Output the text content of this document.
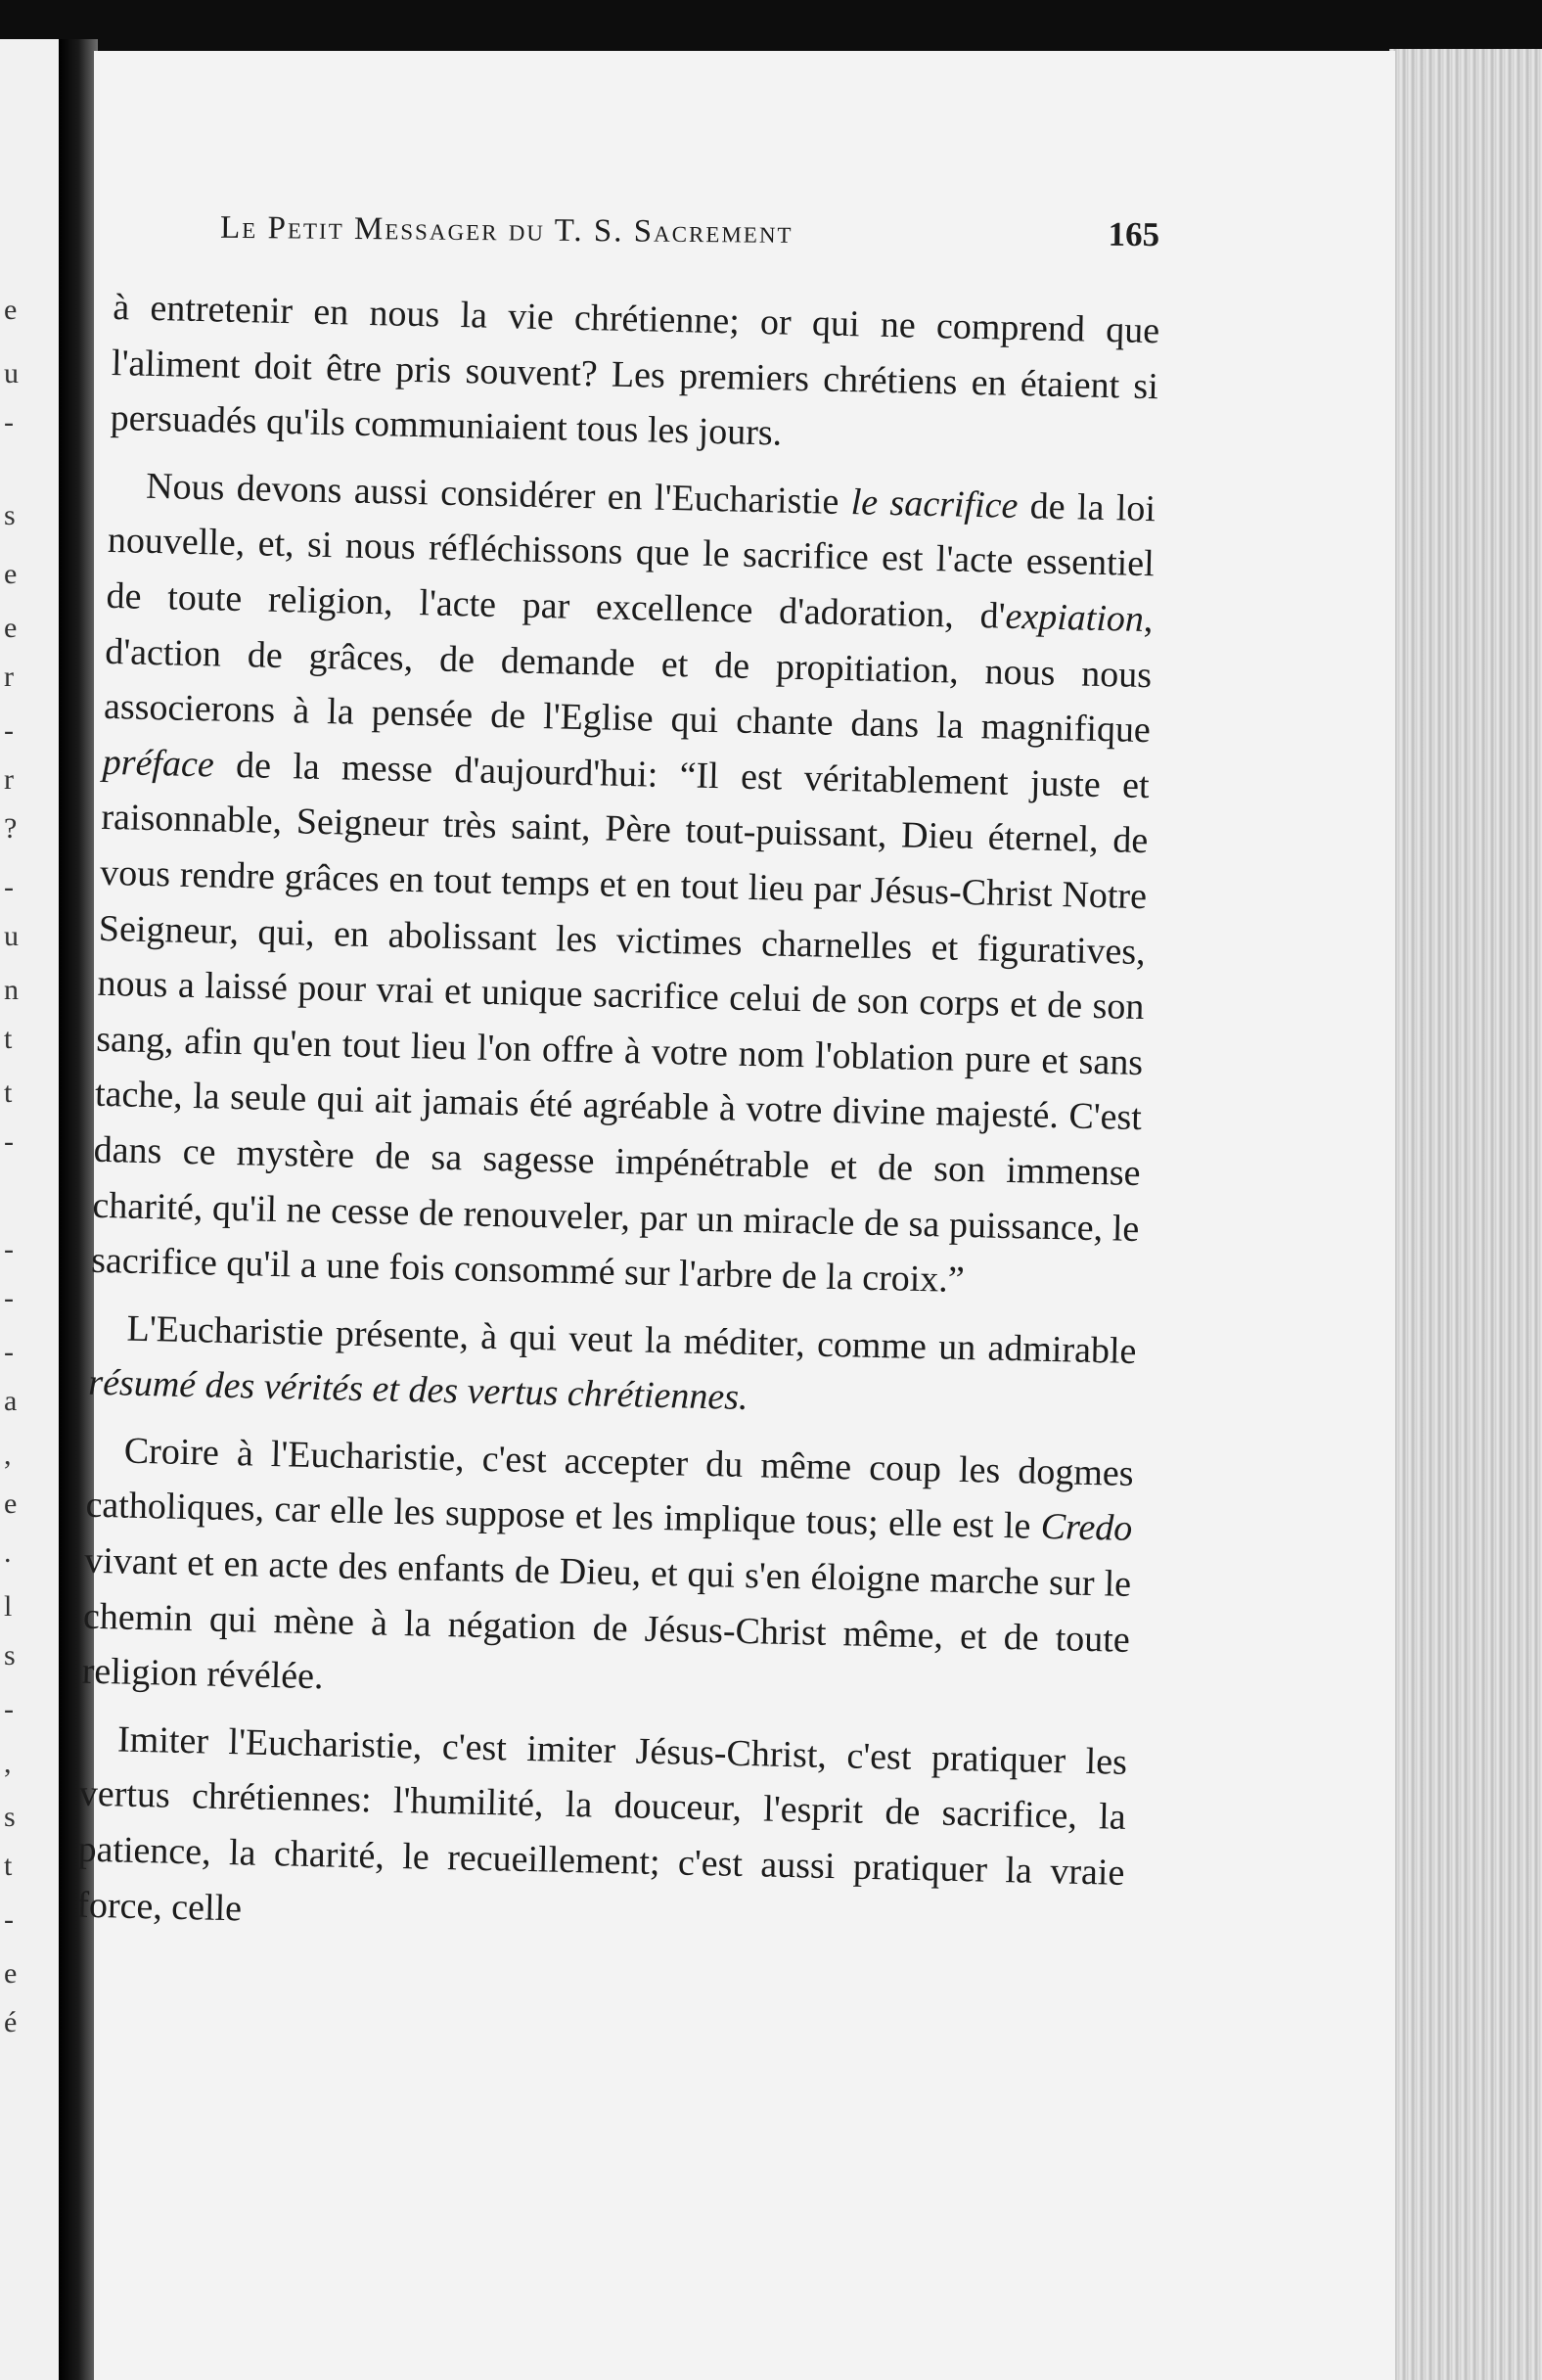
e
u
-
s
e
e
r
-
r
?
-
u
n
t
t
-
-
-
-
a
,
e
.
l
s
-
,
s
t
-
e
é
Le Petit Messager du T. S. Sacrement	165

à entretenir en nous la vie chrétienne; or qui ne comprend que l'aliment doit être pris souvent? Les premiers chrétiens en étaient si persuadés qu'ils communiaient tous les jours.

Nous devons aussi considérer en l'Eucharistie le sacrifice de la loi nouvelle, et, si nous réfléchissons que le sacrifice est l'acte essentiel de toute religion, l'acte par excellence d'adoration, d'expiation, d'action de grâces, de demande et de propitiation, nous nous associerons à la pensée de l'Eglise qui chante dans la magnifique préface de la messe d'aujourd'hui: “Il est véritablement juste et raisonnable, Seigneur très saint, Père tout-puissant, Dieu éternel, de vous rendre grâces en tout temps et en tout lieu par Jésus-Christ Notre Seigneur, qui, en abolissant les victimes charnelles et figuratives, nous a laissé pour vrai et unique sacrifice celui de son corps et de son sang, afin qu'en tout lieu l'on offre à votre nom l'oblation pure et sans tache, la seule qui ait jamais été agréable à votre divine majesté. C'est dans ce mystère de sa sagesse impénétrable et de son immense charité, qu'il ne cesse de renouveler, par un miracle de sa puissance, le sacrifice qu'il a une fois consommé sur l'arbre de la croix.”

L'Eucharistie présente, à qui veut la méditer, comme un admirable résumé des vérités et des vertus chrétiennes.

Croire à l'Eucharistie, c'est accepter du même coup les dogmes catholiques, car elle les suppose et les implique tous; elle est le Credo vivant et en acte des enfants de Dieu, et qui s'en éloigne marche sur le chemin qui mène à la négation de Jésus-Christ même, et de toute religion révélée.

Imiter l'Eucharistie, c'est imiter Jésus-Christ, c'est pratiquer les vertus chrétiennes: l'humilité, la douceur, l'esprit de sacrifice, la patience, la charité, le recueillement; c'est aussi pratiquer la vraie force, celle
